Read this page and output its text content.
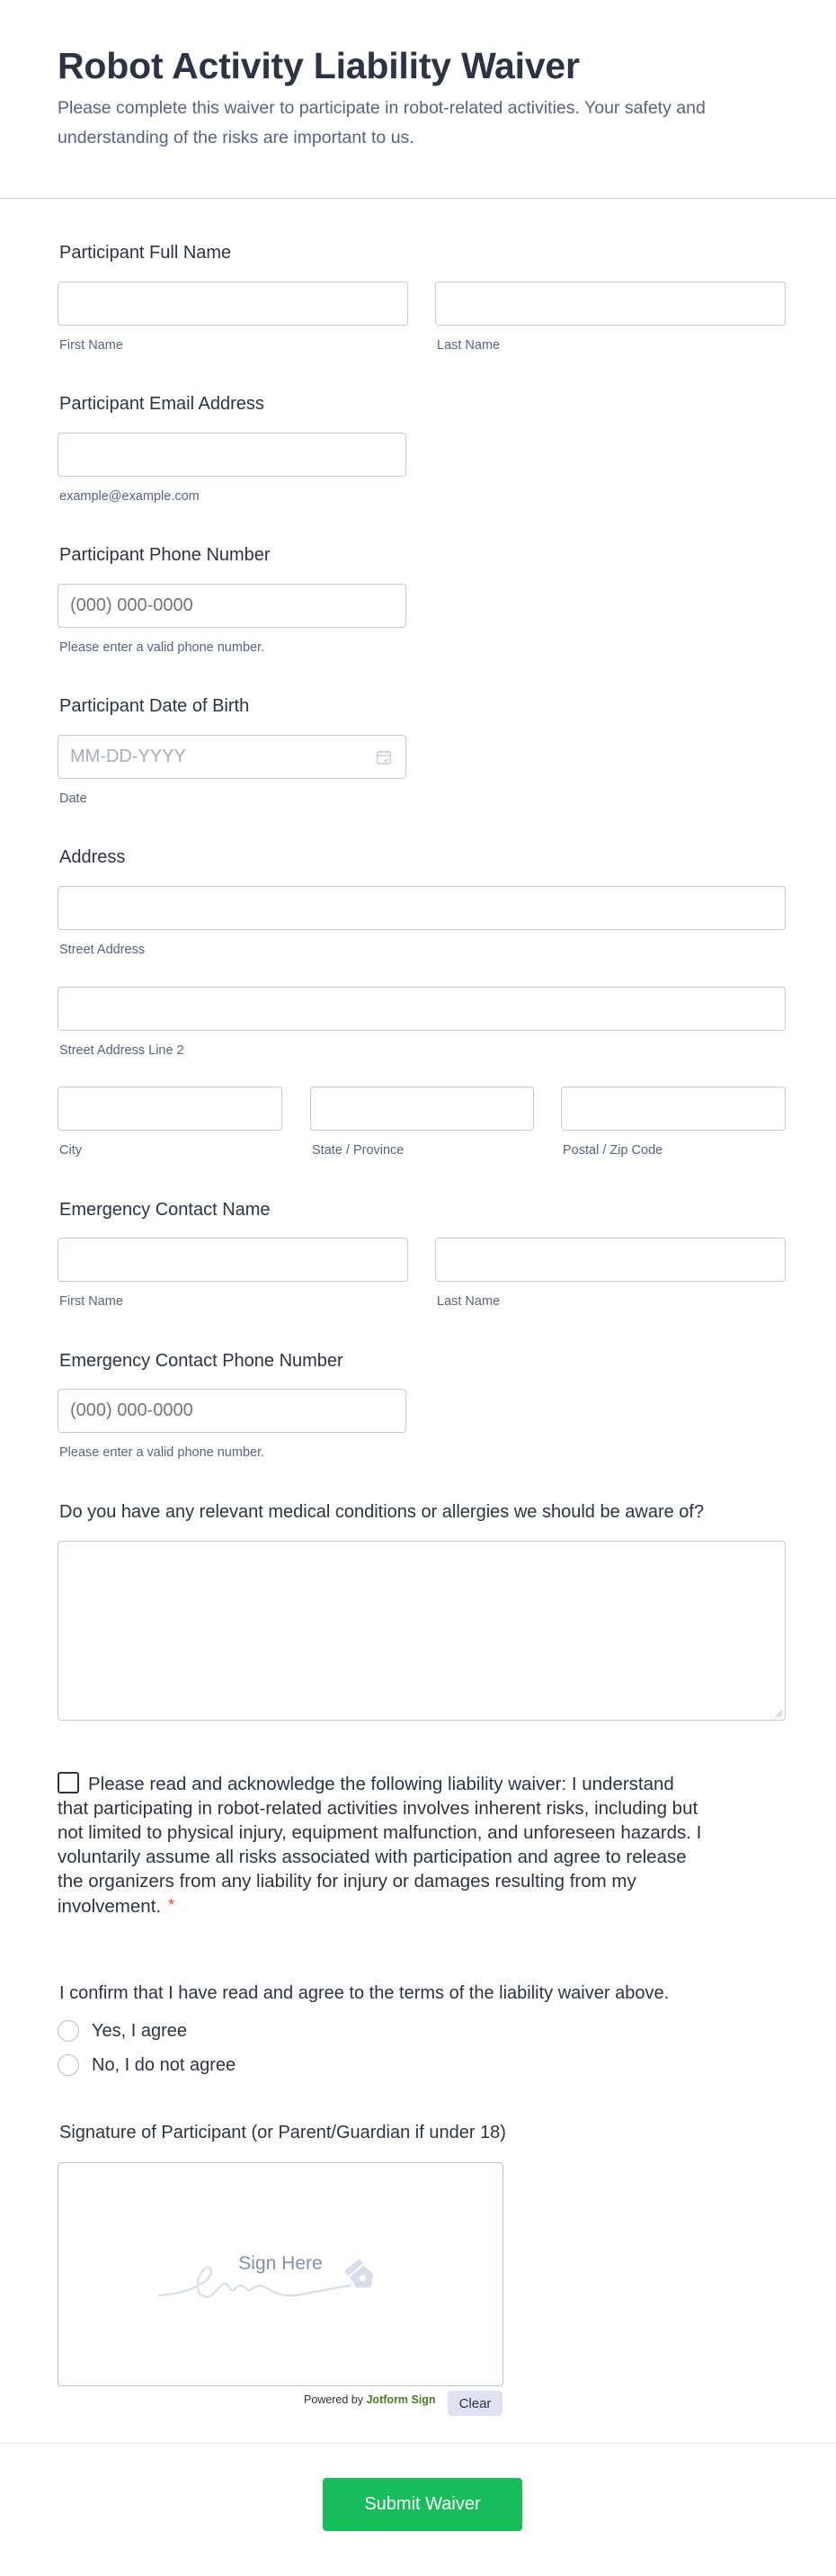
Robot Activity Liability Waiver

Please complete this waiver to participate in robot-related activities. Your safety and understanding of the risks are important to us.

Participant Full Name
First Name	Last Name
Participant Email Address
example@example.com
Participant Phone Number
(000) 000-0000
Please enter a valid phone number.
Participant Date of Birth
MM-DD-YYYY
Date
Address
Street Address
Street Address Line 2
City	State / Province	Postal / Zip Code
Emergency Contact Name
First Name	Last Name
Emergency Contact Phone Number
(000) 000-0000
Please enter a valid phone number.
Do you have any relevant medical conditions or allergies we should be aware of?
Please read and acknowledge the following liability waiver: I understand that participating in robot-related activities involves inherent risks, including but not limited to physical injury, equipment malfunction, and unforeseen hazards. I voluntarily assume all risks associated with participation and agree to release the organizers from any liability for injury or damages resulting from my involvement. *
I confirm that I have read and agree to the terms of the liability waiver above.
Yes, I agree
No, I do not agree
Signature of Participant (or Parent/Guardian if under 18)
Sign Here
Powered by Jotform Sign	Clear
Submit Waiver
